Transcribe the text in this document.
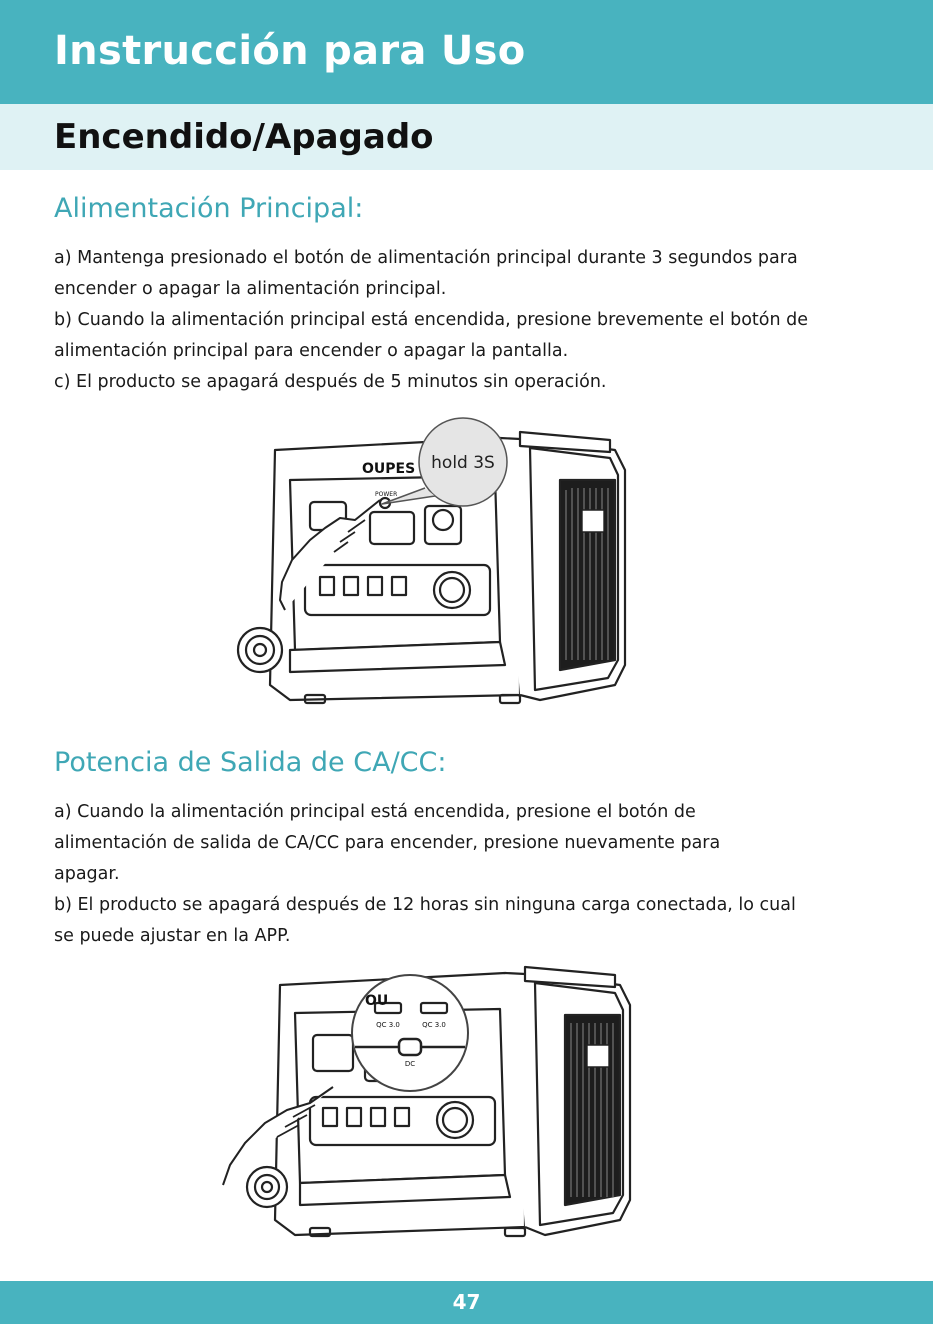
Instrucción para Uso
Encendido/Apagado
Alimentación Principal:

a) Mantenga presionado el botón de alimentación principal durante 3 segundos para

encender o apagar la alimentación principal.

b) Cuando la alimentación principal está encendida, presione brevemente el botón de

alimentación principal para encender o apagar la pantalla.

c) El producto se apagará después de 5 minutos sin operación.

OUPES
POWER
hold 3S
Potencia de Salida de CA/CC:

a) Cuando la alimentación principal está encendida, presione el botón de

alimentación de salida de CA/CC para encender, presione nuevamente para

apagar.

b) El producto se apagará después de 12 horas sin ninguna carga conectada, lo cual

se puede ajustar en la APP.

OU
QC 3.0	QC 3.0
DC
47
